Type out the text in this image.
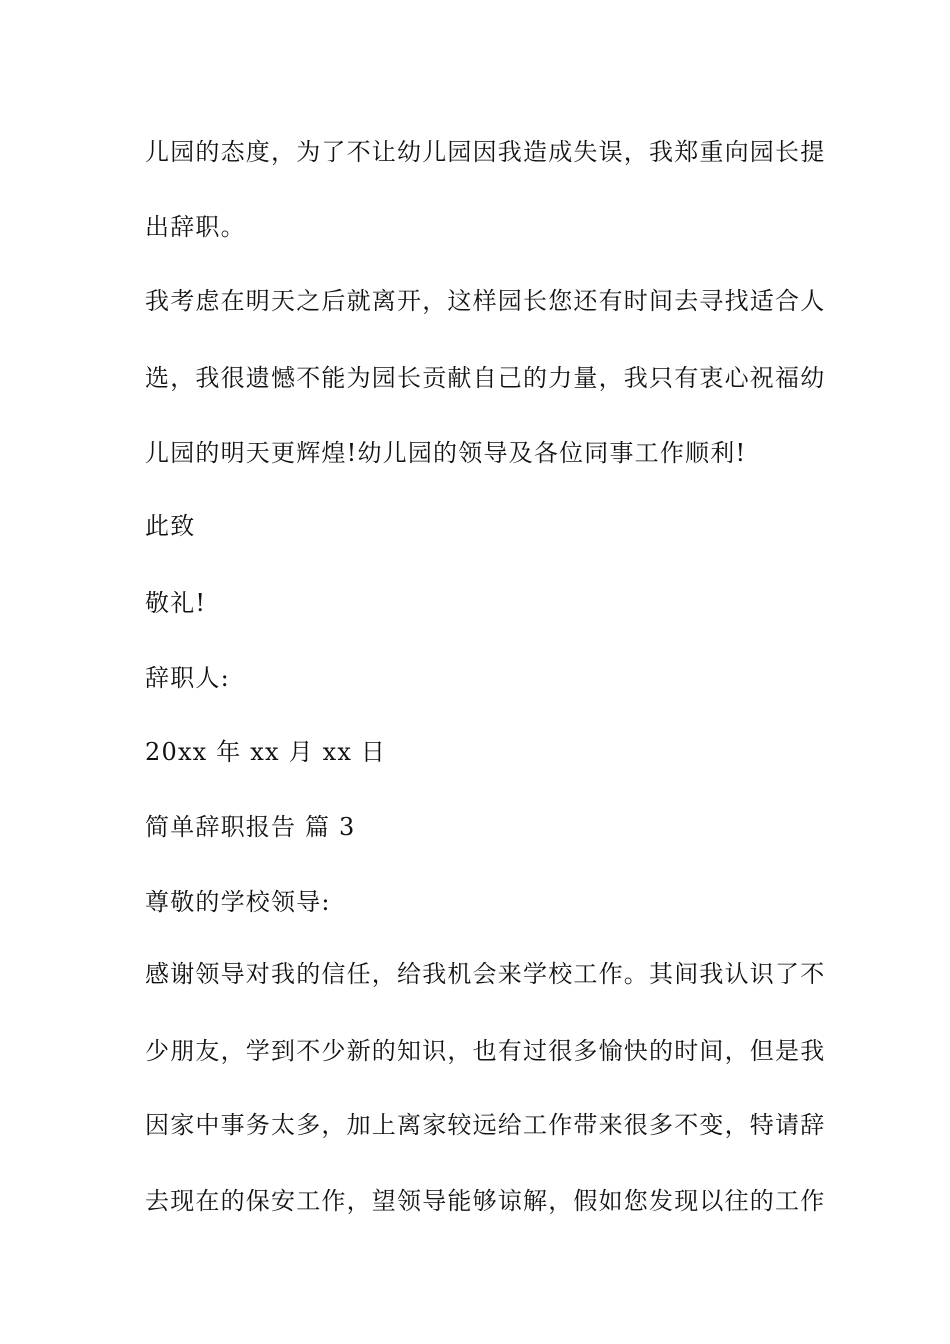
儿园的态度，为了不让幼儿园因我造成失误，我郑重向园长提
出辞职。
我考虑在明天之后就离开，这样园长您还有时间去寻找适合人
选，我很遗憾不能为园长贡献自己的力量，我只有衷心祝福幼
儿园的明天更辉煌!幼儿园的领导及各位同事工作顺利!
此致
敬礼!
辞职人:
20xx 年 xx 月 xx 日
简单辞职报告 篇 3
尊敬的学校领导:
感谢领导对我的信任，给我机会来学校工作。其间我认识了不
少朋友，学到不少新的知识，也有过很多愉快的时间，但是我
因家中事务太多，加上离家较远给工作带来很多不变，特请辞
去现在的保安工作，望领导能够谅解，假如您发现以往的工作
